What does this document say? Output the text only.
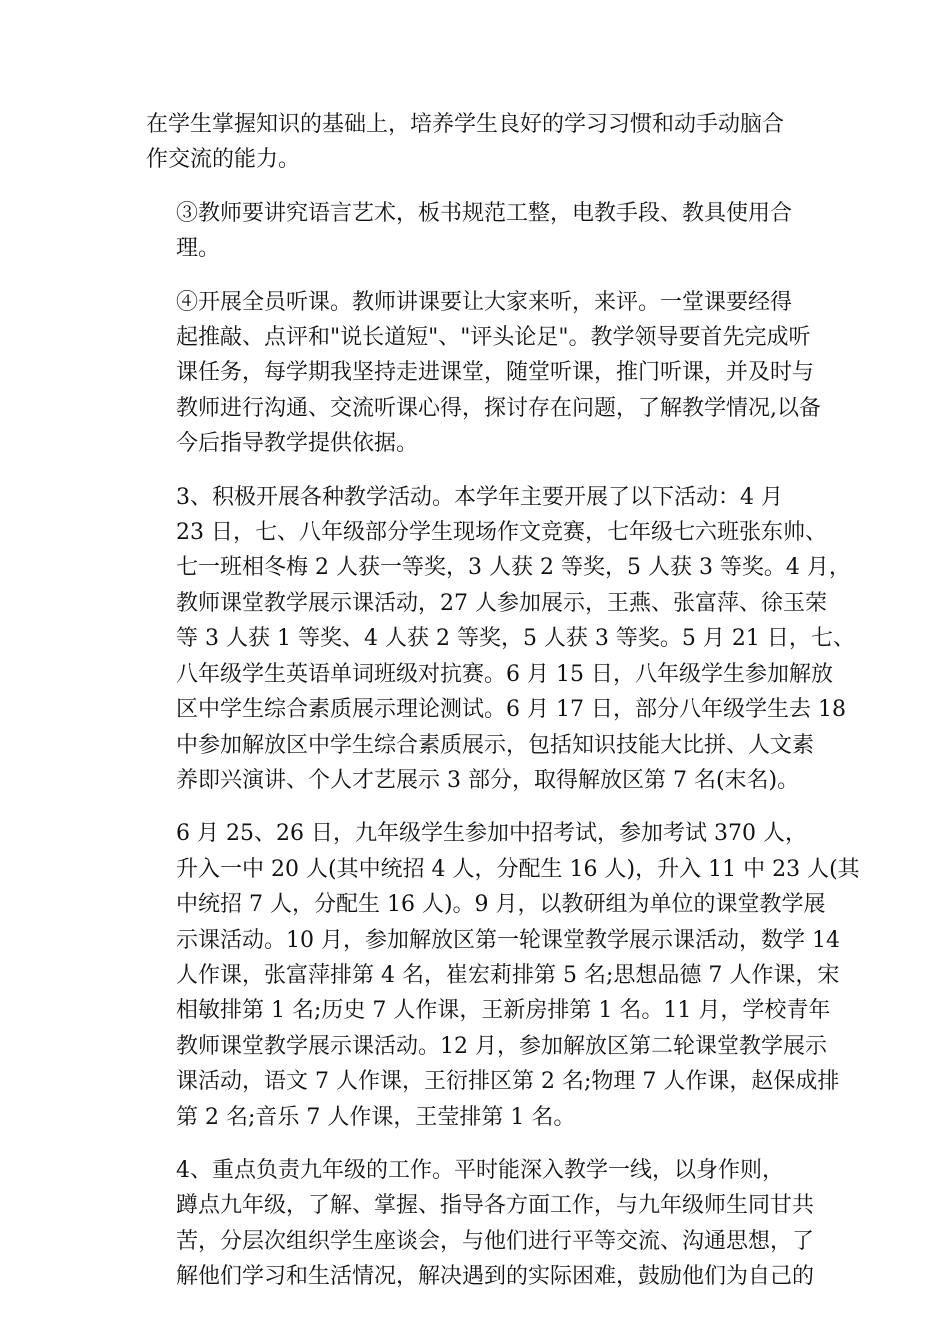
在学生掌握知识的基础上，培养学生良好的学习习惯和动手动脑合
作交流的能力。

③教师要讲究语言艺术，板书规范工整，电教手段、教具使用合
理。

④开展全员听课。教师讲课要让大家来听，来评。一堂课要经得
起推敲、点评和"说长道短"、"评头论足"。教学领导要首先完成听
课任务，每学期我坚持走进课堂，随堂听课，推门听课，并及时与
教师进行沟通、交流听课心得，探讨存在问题，了解教学情况,以备
今后指导教学提供依据。

3、积极开展各种教学活动。本学年主要开展了以下活动：4 月
23 日，七、八年级部分学生现场作文竞赛，七年级七六班张东帅、
七一班相冬梅 2 人获一等奖，3 人获 2 等奖，5 人获 3 等奖。4 月，
教师课堂教学展示课活动，27 人参加展示，王燕、张富萍、徐玉荣
等 3 人获 1 等奖、4 人获 2 等奖，5 人获 3 等奖。5 月 21 日，七、
八年级学生英语单词班级对抗赛。6 月 15 日，八年级学生参加解放
区中学生综合素质展示理论测试。6 月 17 日，部分八年级学生去 18
中参加解放区中学生综合素质展示，包括知识技能大比拼、人文素
养即兴演讲、个人才艺展示 3 部分，取得解放区第 7 名(末名)。

6 月 25、26 日，九年级学生参加中招考试，参加考试 370 人，
升入一中 20 人(其中统招 4 人，分配生 16 人)，升入 11 中 23 人(其
中统招 7 人，分配生 16 人)。9 月，以教研组为单位的课堂教学展
示课活动。10 月，参加解放区第一轮课堂教学展示课活动，数学 14
人作课，张富萍排第 4 名，崔宏莉排第 5 名;思想品德 7 人作课，宋
相敏排第 1 名;历史 7 人作课，王新房排第 1 名。11 月，学校青年
教师课堂教学展示课活动。12 月，参加解放区第二轮课堂教学展示
课活动，语文 7 人作课，王衍排区第 2 名;物理 7 人作课，赵保成排
第 2 名;音乐 7 人作课，王莹排第 1 名。

4、重点负责九年级的工作。平时能深入教学一线，以身作则，
蹲点九年级，了解、掌握、指导各方面工作，与九年级师生同甘共
苦，分层次组织学生座谈会，与他们进行平等交流、沟通思想，了
解他们学习和生活情况，解决遇到的实际困难，鼓励他们为自己的
